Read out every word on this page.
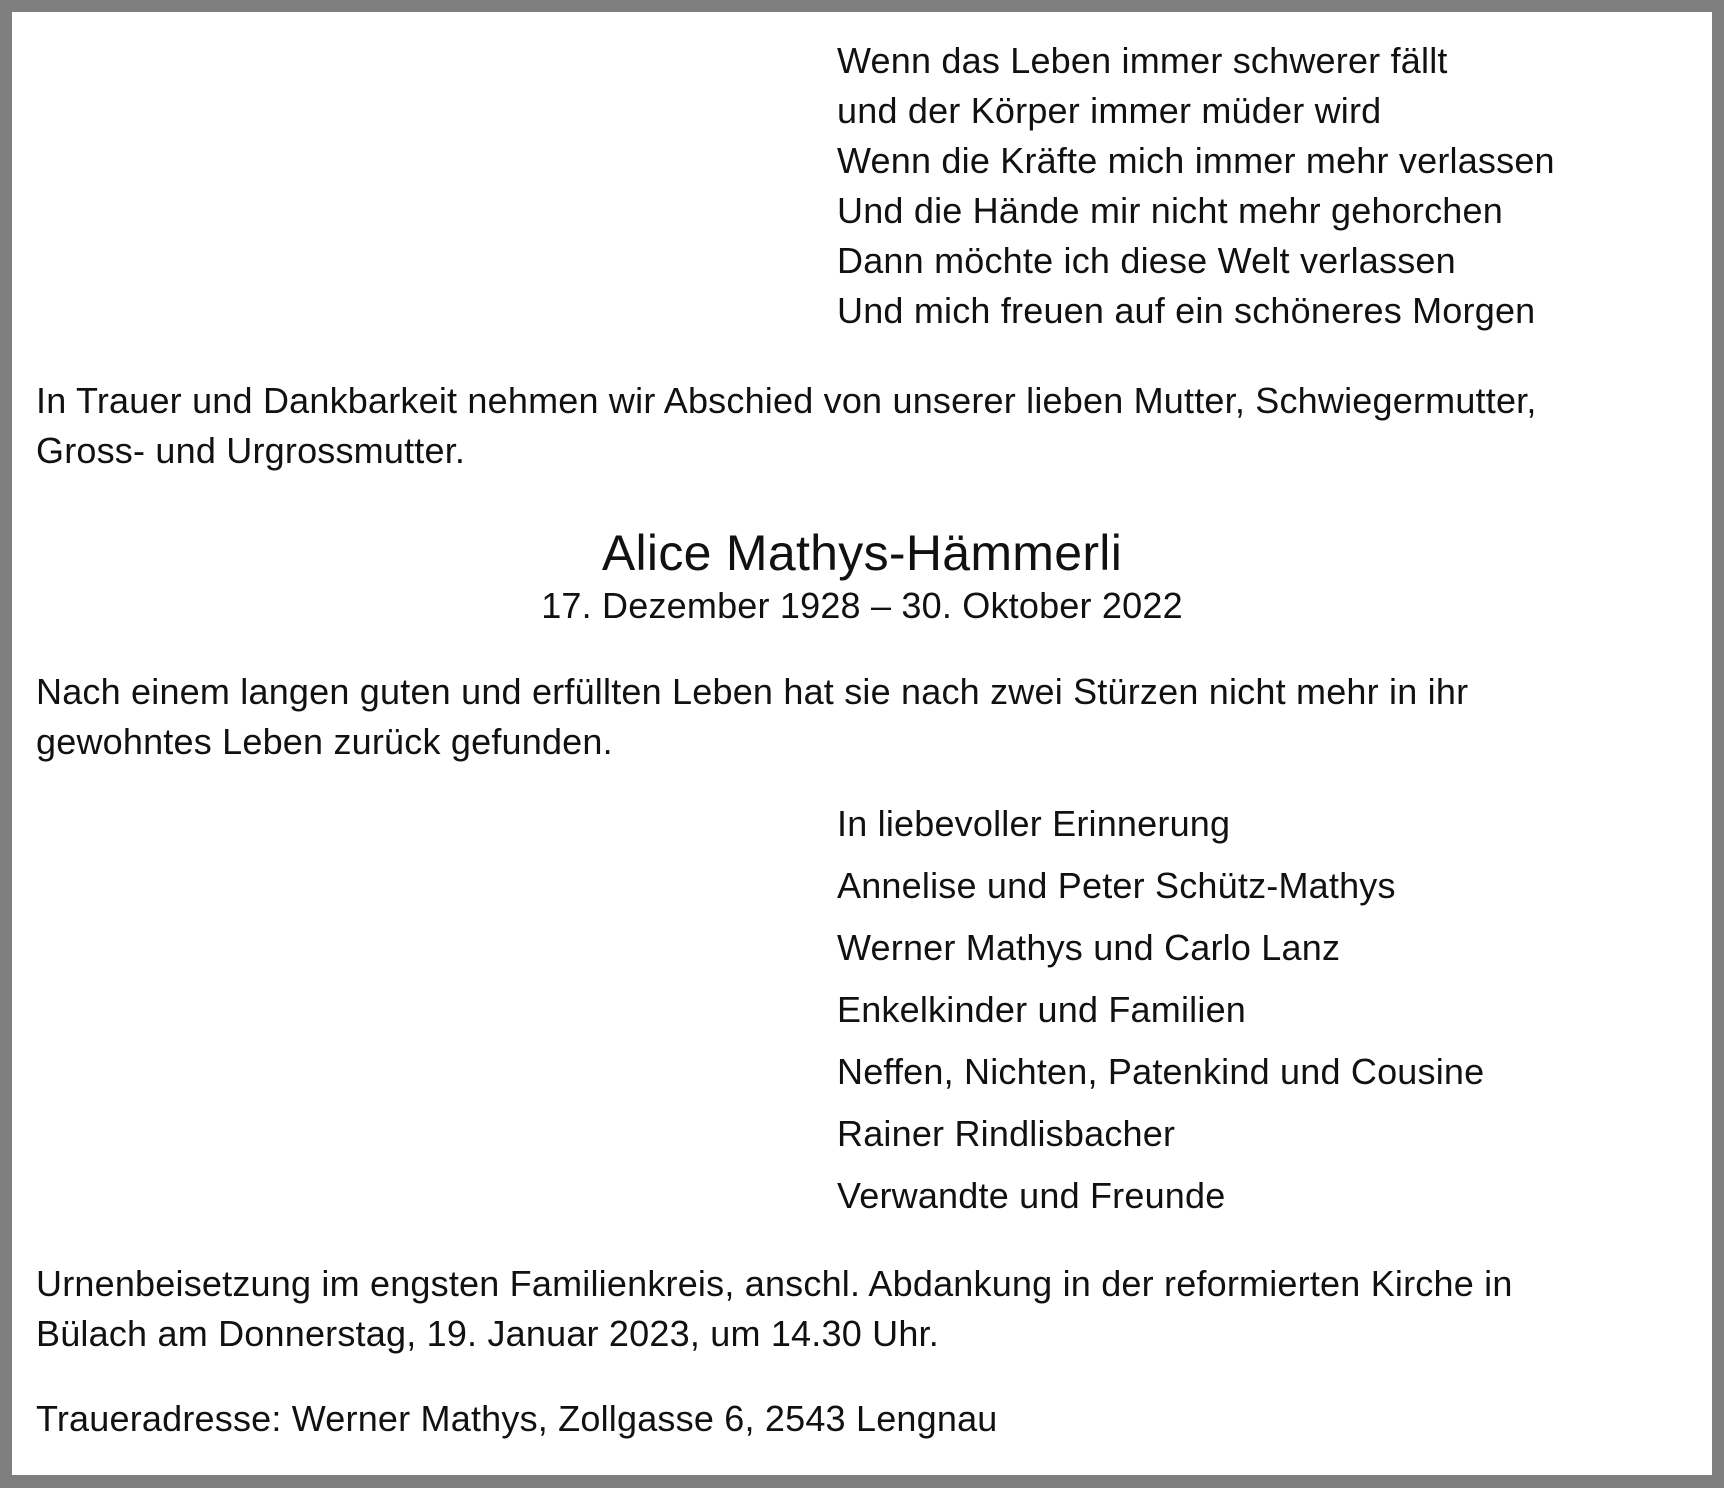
Wenn das Leben immer schwerer fällt
und der Körper immer müder wird
Wenn die Kräfte mich immer mehr verlassen
Und die Hände mir nicht mehr gehorchen
Dann möchte ich diese Welt verlassen
Und mich freuen auf ein schöneres Morgen
In Trauer und Dankbarkeit nehmen wir Abschied von unserer lieben Mutter, Schwiegermutter,
Gross- und Urgrossmutter.
Alice Mathys-Hämmerli
17. Dezember 1928 – 30. Oktober 2022
Nach einem langen guten und erfüllten Leben hat sie nach zwei Stürzen nicht mehr in ihr
gewohntes Leben zurück gefunden.
In liebevoller Erinnerung
Annelise und Peter Schütz-Mathys
Werner Mathys und Carlo Lanz
Enkelkinder und Familien
Neffen, Nichten, Patenkind und Cousine
Rainer Rindlisbacher
Verwandte und Freunde
Urnenbeisetzung im engsten Familienkreis, anschl. Abdankung in der reformierten Kirche in
Bülach am Donnerstag, 19. Januar 2023, um 14.30 Uhr.
Traueradresse: Werner Mathys, Zollgasse 6, 2543 Lengnau
